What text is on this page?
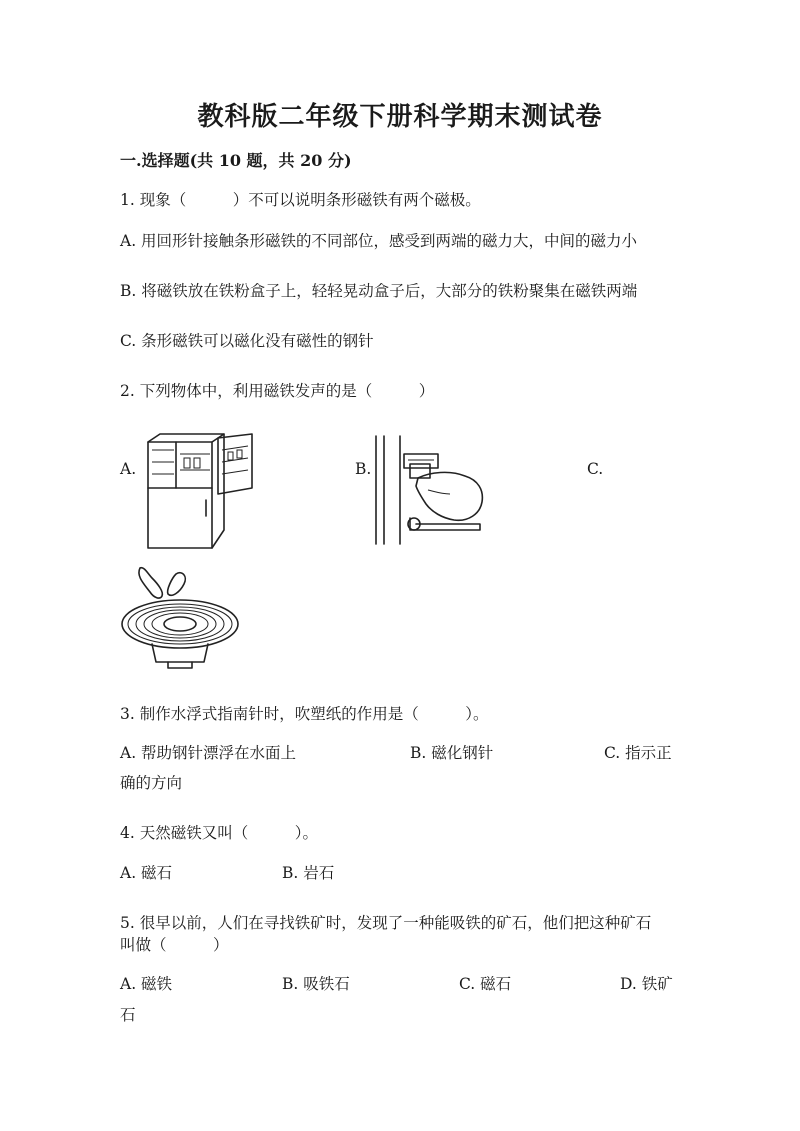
教科版二年级下册科学期末测试卷
一.选择题(共 10 题，共 20 分)
1. 现象（　　　）不可以说明条形磁铁有两个磁极。
A. 用回形针接触条形磁铁的不同部位，感受到两端的磁力大，中间的磁力小
B. 将磁铁放在铁粉盒子上，轻轻晃动盒子后，大部分的铁粉聚集在磁铁两端
C. 条形磁铁可以磁化没有磁性的钢针
2. 下列物体中，利用磁铁发声的是（　　　）
A.	B.	C.
3. 制作水浮式指南针时，吹塑纸的作用是（　　　）。
A. 帮助钢针漂浮在水面上	B. 磁化钢针	C. 指示正
确的方向
4. 天然磁铁又叫（　　　）。
A. 磁石	B. 岩石
5. 很早以前，人们在寻找铁矿时，发现了一种能吸铁的矿石，他们把这种矿石
叫做（　　　）
A. 磁铁	B. 吸铁石	C. 磁石	D. 铁矿
石
